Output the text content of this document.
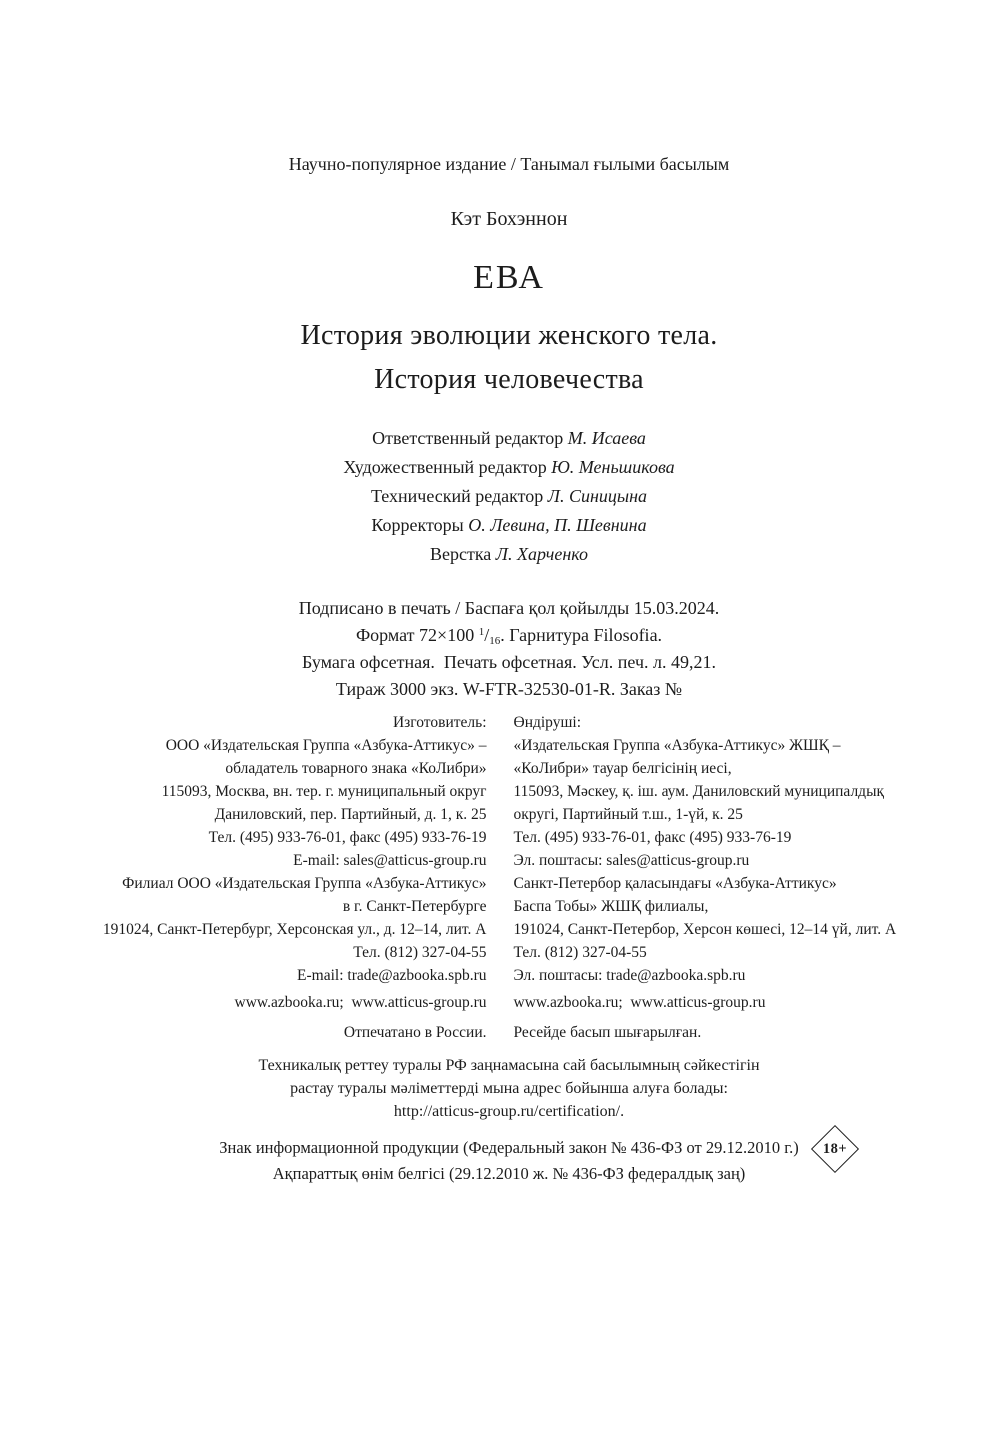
Научно-популярное издание / Танымал ғылыми басылым
Кэт Бохэннон
ЕВА
История эволюции женского тела.
История человечества
Ответственный редактор М. Исаева
Художественный редактор Ю. Меньшикова
Технический редактор Л. Синицына
Корректоры О. Левина, П. Шевнина
Верстка Л. Харченко
Подписано в печать / Баспаға қол қойылды 15.03.2024.
Формат 72×100 $^1/_{16}$. Гарнитура Filosofia.
Бумага офсетная.  Печать офсетная. Усл. печ. л. 49,21.
Тираж 3000 экз. W-FTR-32530-01-R. Заказ №
Изготовитель:
ООО «Издательская Группа «Азбука-Аттикус» –
обладатель товарного знака «КоЛибри»
115093, Москва, вн. тер. г. муниципальный округ
Даниловский, пер. Партийный, д. 1, к. 25
Тел. (495) 933-76-01, факс (495) 933-76-19
E-mail: sales@atticus-group.ru
Өндіруші:
«Издательская Группа «Азбука-Аттикус» ЖШҚ –
«КоЛибри» тауар белгісінің иесі,
115093, Мәскеу, қ. іш. аум. Даниловский муниципалдық
округі, Партийный т.ш., 1-үй, к. 25
Тел. (495) 933-76-01, факс (495) 933-76-19
Эл. поштасы: sales@atticus-group.ru
Филиал ООО «Издательская Группа «Азбука-Аттикус»
в г. Санкт-Петербурге
191024, Санкт-Петербург, Херсонская ул., д. 12–14, лит. А
Тел. (812) 327-04-55
E-mail: trade@azbooka.spb.ru
Санкт-Петербор қаласындағы «Азбука-Аттикус»
Баспа Тобы» ЖШҚ филиалы,
191024, Санкт-Петербор, Херсон көшесі, 12–14 үй, лит. А
Тел. (812) 327-04-55
Эл. поштасы: trade@azbooka.spb.ru
www.azbooka.ru;  www.atticus-group.ru	www.azbooka.ru;  www.atticus-group.ru
Отпечатано в России.	Ресейде басып шығарылған.
Техникалық реттеу туралы РФ заңнамасына сай басылымның сәйкестігін
растау туралы мәліметтерді мына адрес бойынша алуға болады:
http://atticus-group.ru/certification/.
Знак информационной продукции (Федеральный закон № 436-ФЗ от 29.12.2010 г.)
Ақпараттық өнім белгісі (29.12.2010 ж. № 436-ФЗ федералдық заң)
18+
